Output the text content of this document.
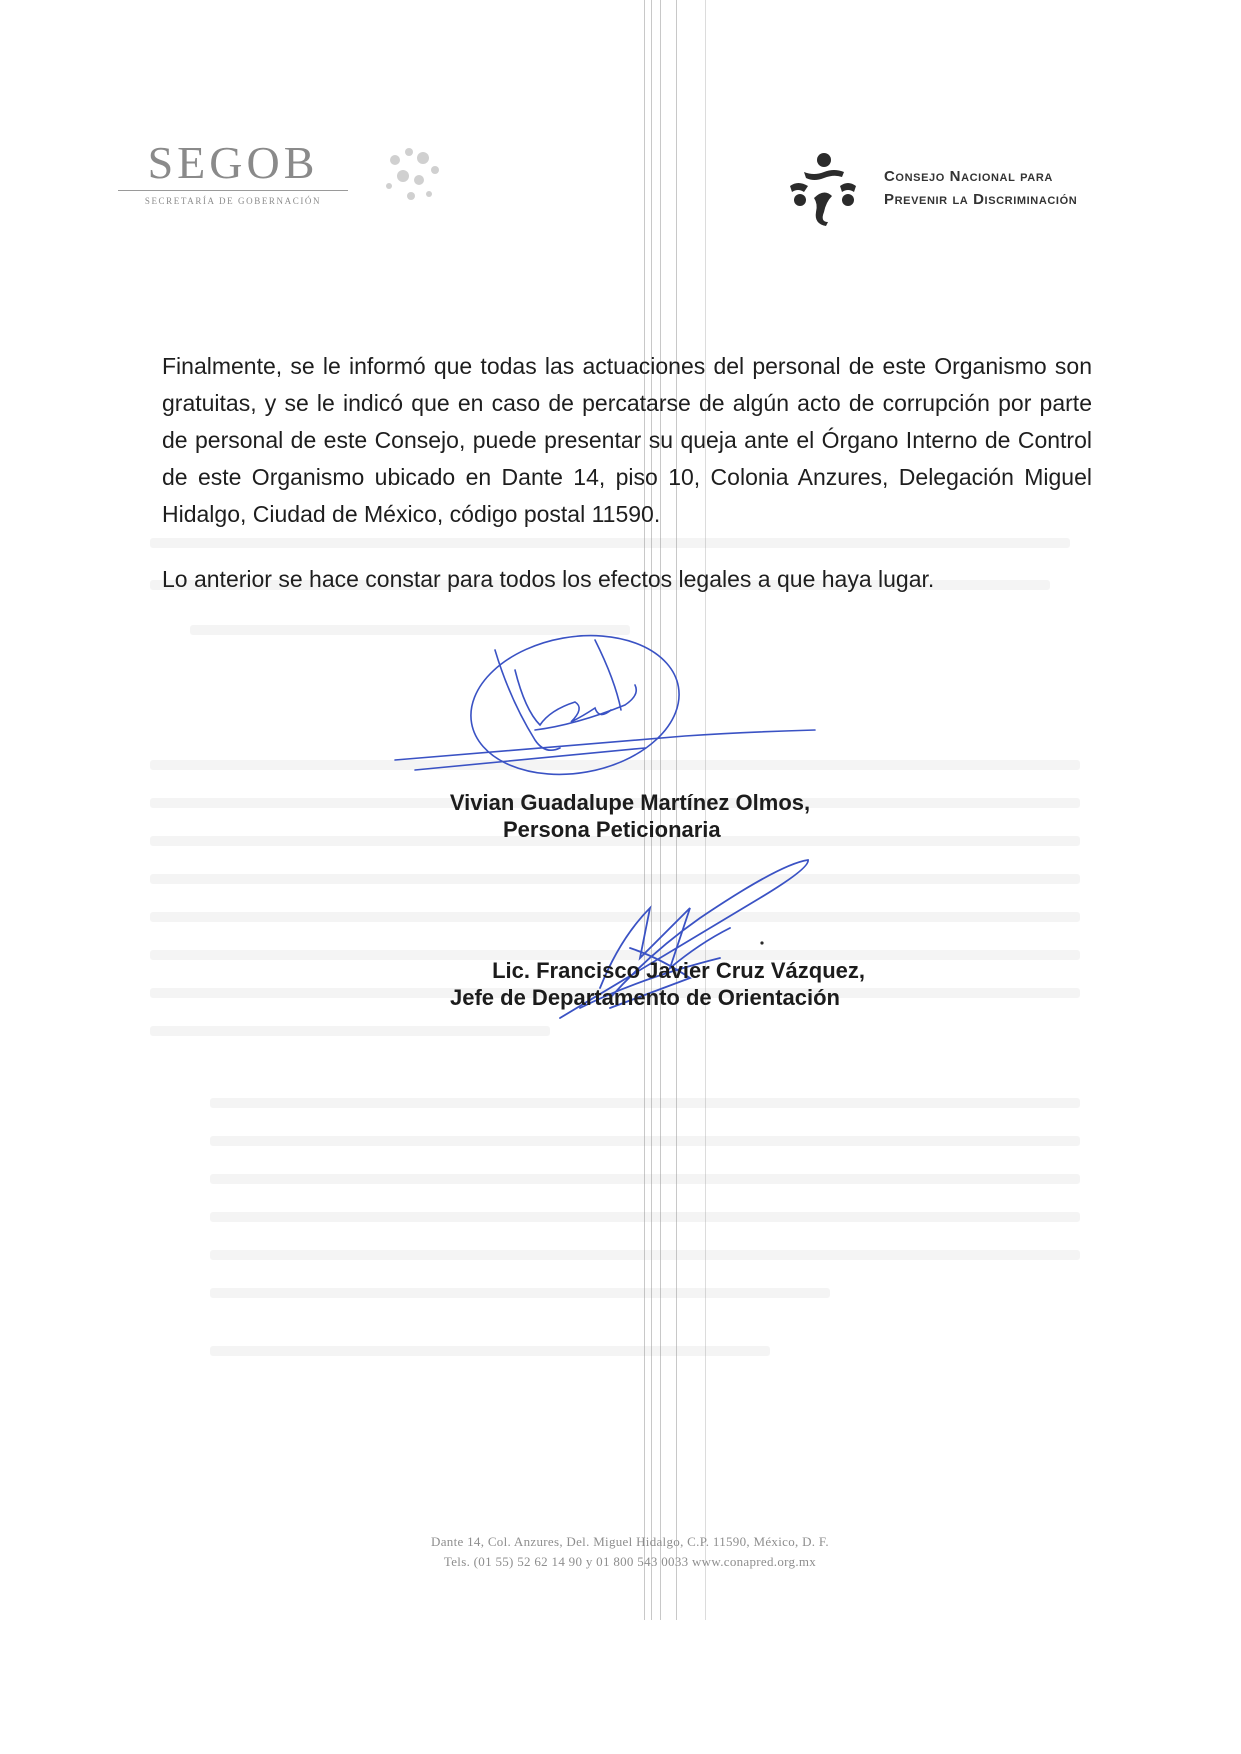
SEGOB
SECRETARÍA DE GOBERNACIÓN
Consejo Nacional para
Prevenir la Discriminación
Finalmente, se le informó que todas las actuaciones del personal de este Organismo son gratuitas, y se le indicó que en caso de percatarse de algún acto de corrupción por parte de personal de este Consejo, puede presentar su queja ante el Órgano Interno de Control de este Organismo ubicado en Dante 14, piso 10, Colonia Anzures, Delegación Miguel Hidalgo, Ciudad de México, código postal 11590.
Lo anterior se hace constar para todos los efectos legales a que haya lugar.
Vivian Guadalupe Martínez Olmos,
Persona Peticionaria
Lic. Francisco Javier Cruz Vázquez,
Jefe de Departamento de Orientación
Dante 14, Col. Anzures, Del. Miguel Hidalgo, C.P. 11590, México, D. F.
Tels. (01 55) 52 62 14 90 y 01 800 543 0033 www.conapred.org.mx
